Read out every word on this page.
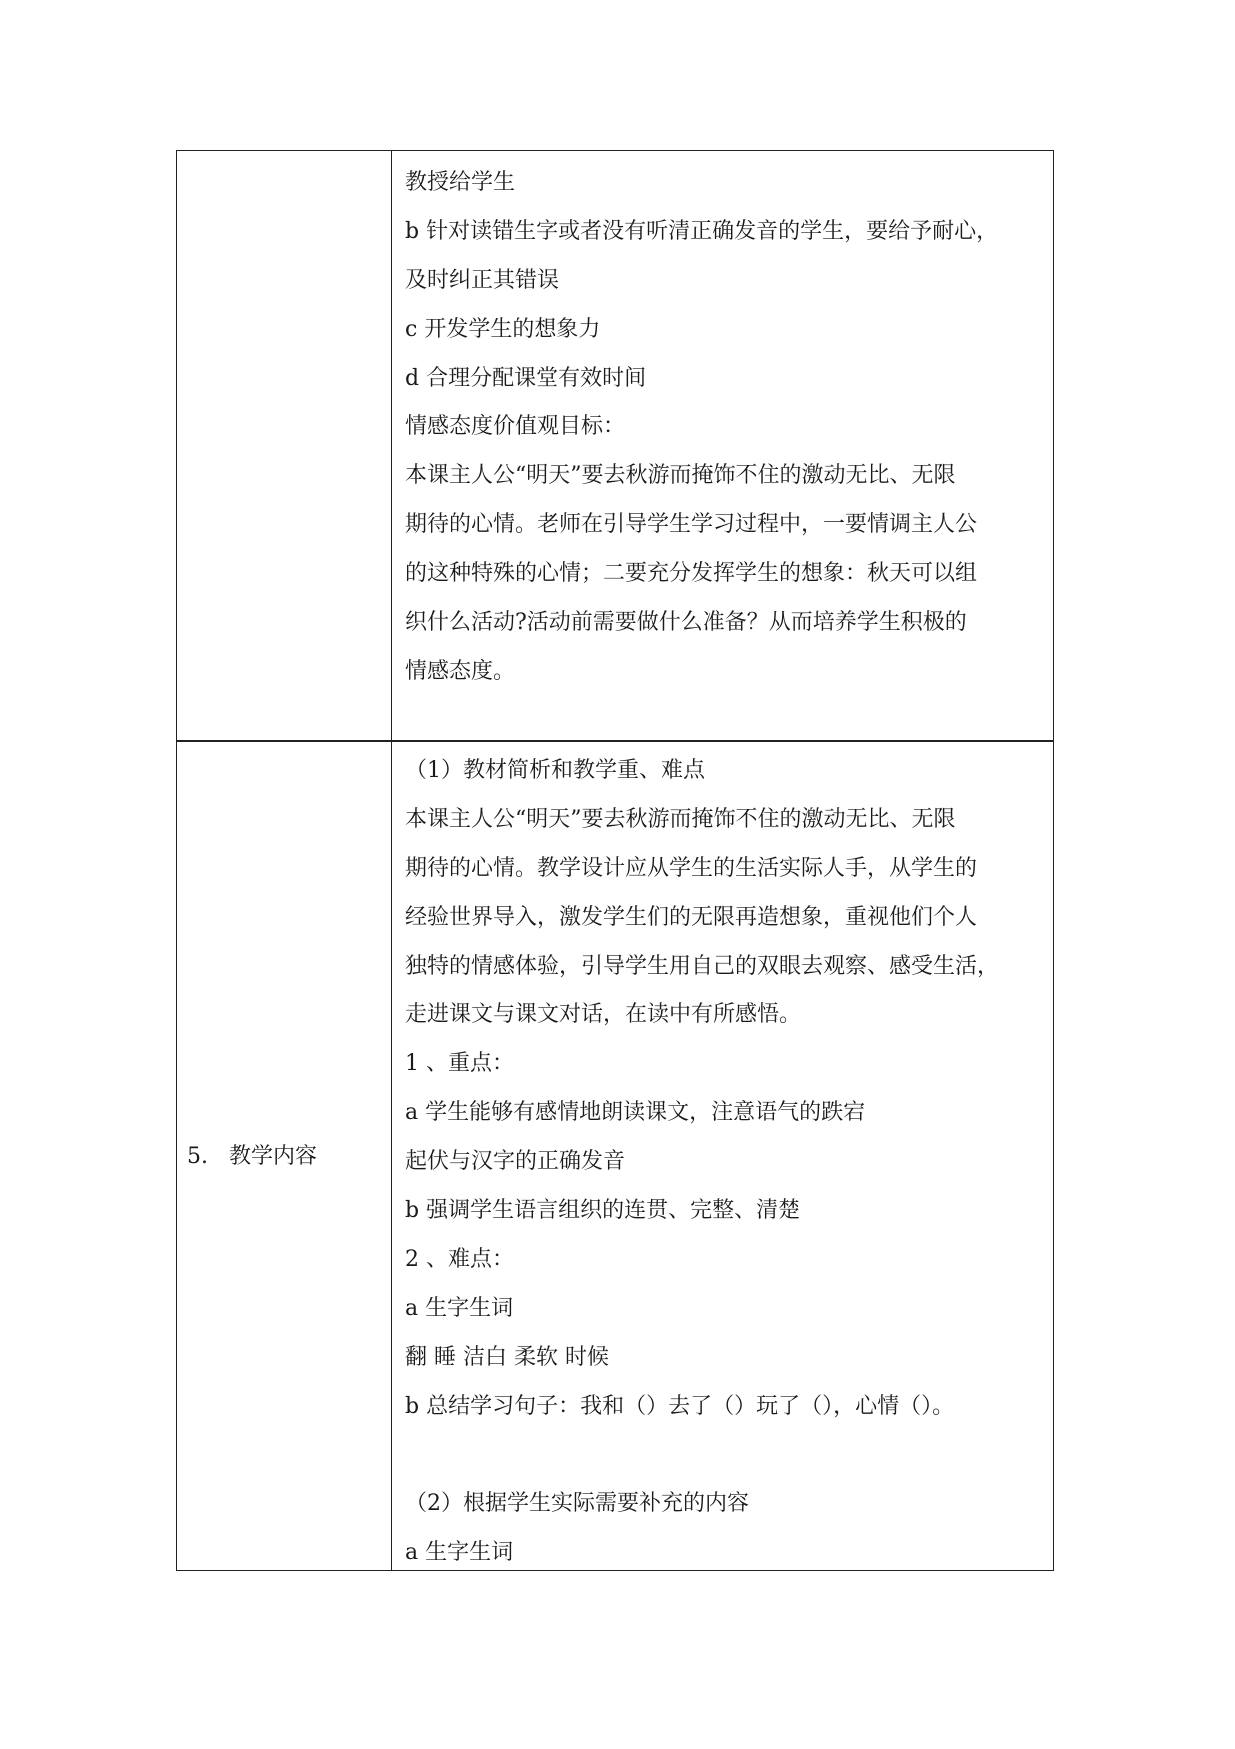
教授给学生
b 针对读错生字或者没有听清正确发音的学生，要给予耐心，
及时纠正其错误
c 开发学生的想象力
d 合理分配课堂有效时间
情感态度价值观目标：
本课主人公“明天”要去秋游而掩饰不住的激动无比、无限
期待的心情。老师在引导学生学习过程中，一要情调主人公
的这种特殊的心情；二要充分发挥学生的想象：秋天可以组
织什么活动?活动前需要做什么准备？从而培养学生积极的
情感态度。
5.   教学内容
（1）教材简析和教学重、难点
本课主人公“明天”要去秋游而掩饰不住的激动无比、无限
期待的心情。教学设计应从学生的生活实际人手，从学生的
经验世界导入，激发学生们的无限再造想象，重视他们个人
独特的情感体验，引导学生用自己的双眼去观察、感受生活，
走进课文与课文对话，在读中有所感悟。
1 、重点：
a 学生能够有感情地朗读课文，注意语气的跌宕
起伏与汉字的正确发音
b 强调学生语言组织的连贯、完整、清楚
2 、难点：
a 生字生词
翻 睡 洁白 柔软 时候
b 总结学习句子：我和（）去了（）玩了（），心情（）。
（2）根据学生实际需要补充的内容
a 生字生词
